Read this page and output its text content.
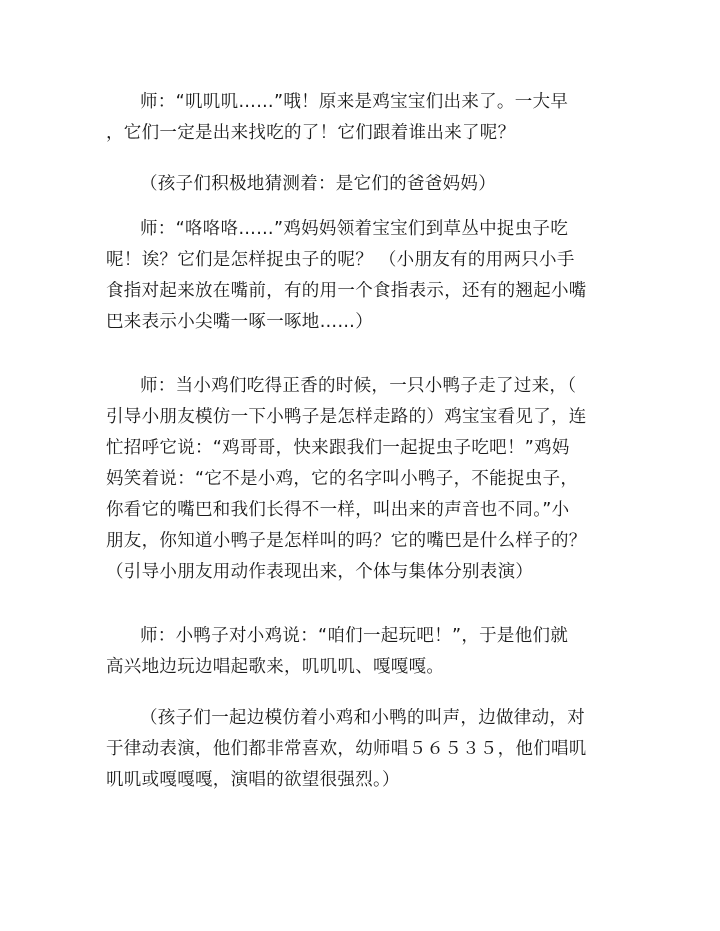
师：“叽叽叽……”哦！原来是鸡宝宝们出来了。一大早
，它们一定是出来找吃的了！它们跟着谁出来了呢？

（孩子们积极地猜测着：是它们的爸爸妈妈）

师：“咯咯咯……”鸡妈妈领着宝宝们到草丛中捉虫子吃
呢！诶？它们是怎样捉虫子的呢？ （小朋友有的用两只小手
食指对起来放在嘴前，有的用一个食指表示，还有的翘起小嘴
巴来表示小尖嘴一啄一啄地……）

师：当小鸡们吃得正香的时候，一只小鸭子走了过来，（
引导小朋友模仿一下小鸭子是怎样走路的）鸡宝宝看见了，连
忙招呼它说：“鸡哥哥，快来跟我们一起捉虫子吃吧！”鸡妈
妈笑着说：“它不是小鸡，它的名字叫小鸭子，不能捉虫子，
你看它的嘴巴和我们长得不一样，叫出来的声音也不同。”小
朋友，你知道小鸭子是怎样叫的吗？它的嘴巴是什么样子的？
（引导小朋友用动作表现出来，个体与集体分别表演）

师：小鸭子对小鸡说：“咱们一起玩吧！”，于是他们就
高兴地边玩边唱起歌来，叽叽叽、嘎嘎嘎。

（孩子们一起边模仿着小鸡和小鸭的叫声，边做律动，对
于律动表演，他们都非常喜欢，幼师唱５６５３５，他们唱叽
叽叽或嘎嘎嘎，演唱的欲望很强烈。）
